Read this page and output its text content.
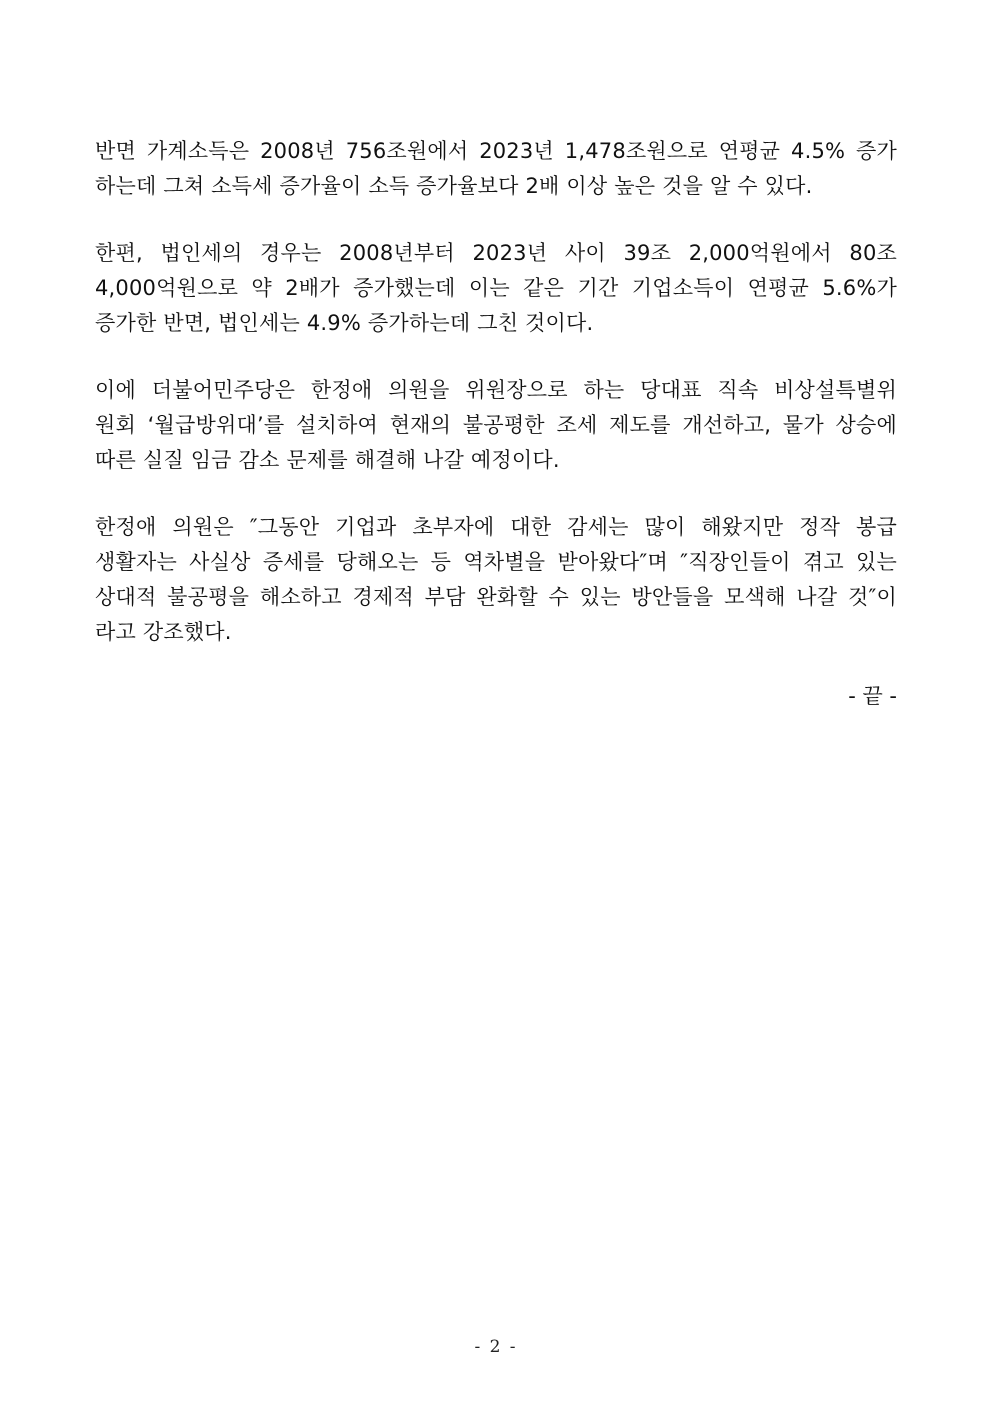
반면 가계소득은 2008년 756조원에서 2023년 1,478조원으로 연평균 4.5% 증가
하는데 그쳐 소득세 증가율이 소득 증가율보다 2배 이상 높은 것을 알 수 있다.

한편, 법인세의 경우는 2008년부터 2023년 사이 39조 2,000억원에서 80조
4,000억원으로 약 2배가 증가했는데 이는 같은 기간 기업소득이 연평균 5.6%가
증가한 반면, 법인세는 4.9% 증가하는데 그친 것이다.

이에 더불어민주당은 한정애 의원을 위원장으로 하는 당대표 직속 비상설특별위
원회 ‘월급방위대’를 설치하여 현재의 불공평한 조세 제도를 개선하고, 물가 상승에
따른 실질 임금 감소 문제를 해결해 나갈 예정이다.

한정애 의원은 ″그동안 기업과 초부자에 대한 감세는 많이 해왔지만 정작 봉급
생활자는 사실상 증세를 당해오는 등 역차별을 받아왔다″며 ″직장인들이 겪고 있는
상대적 불공평을 해소하고 경제적 부담 완화할 수 있는 방안들을 모색해 나갈 것″이
라고 강조했다.

- 끝 -
- 2 -
